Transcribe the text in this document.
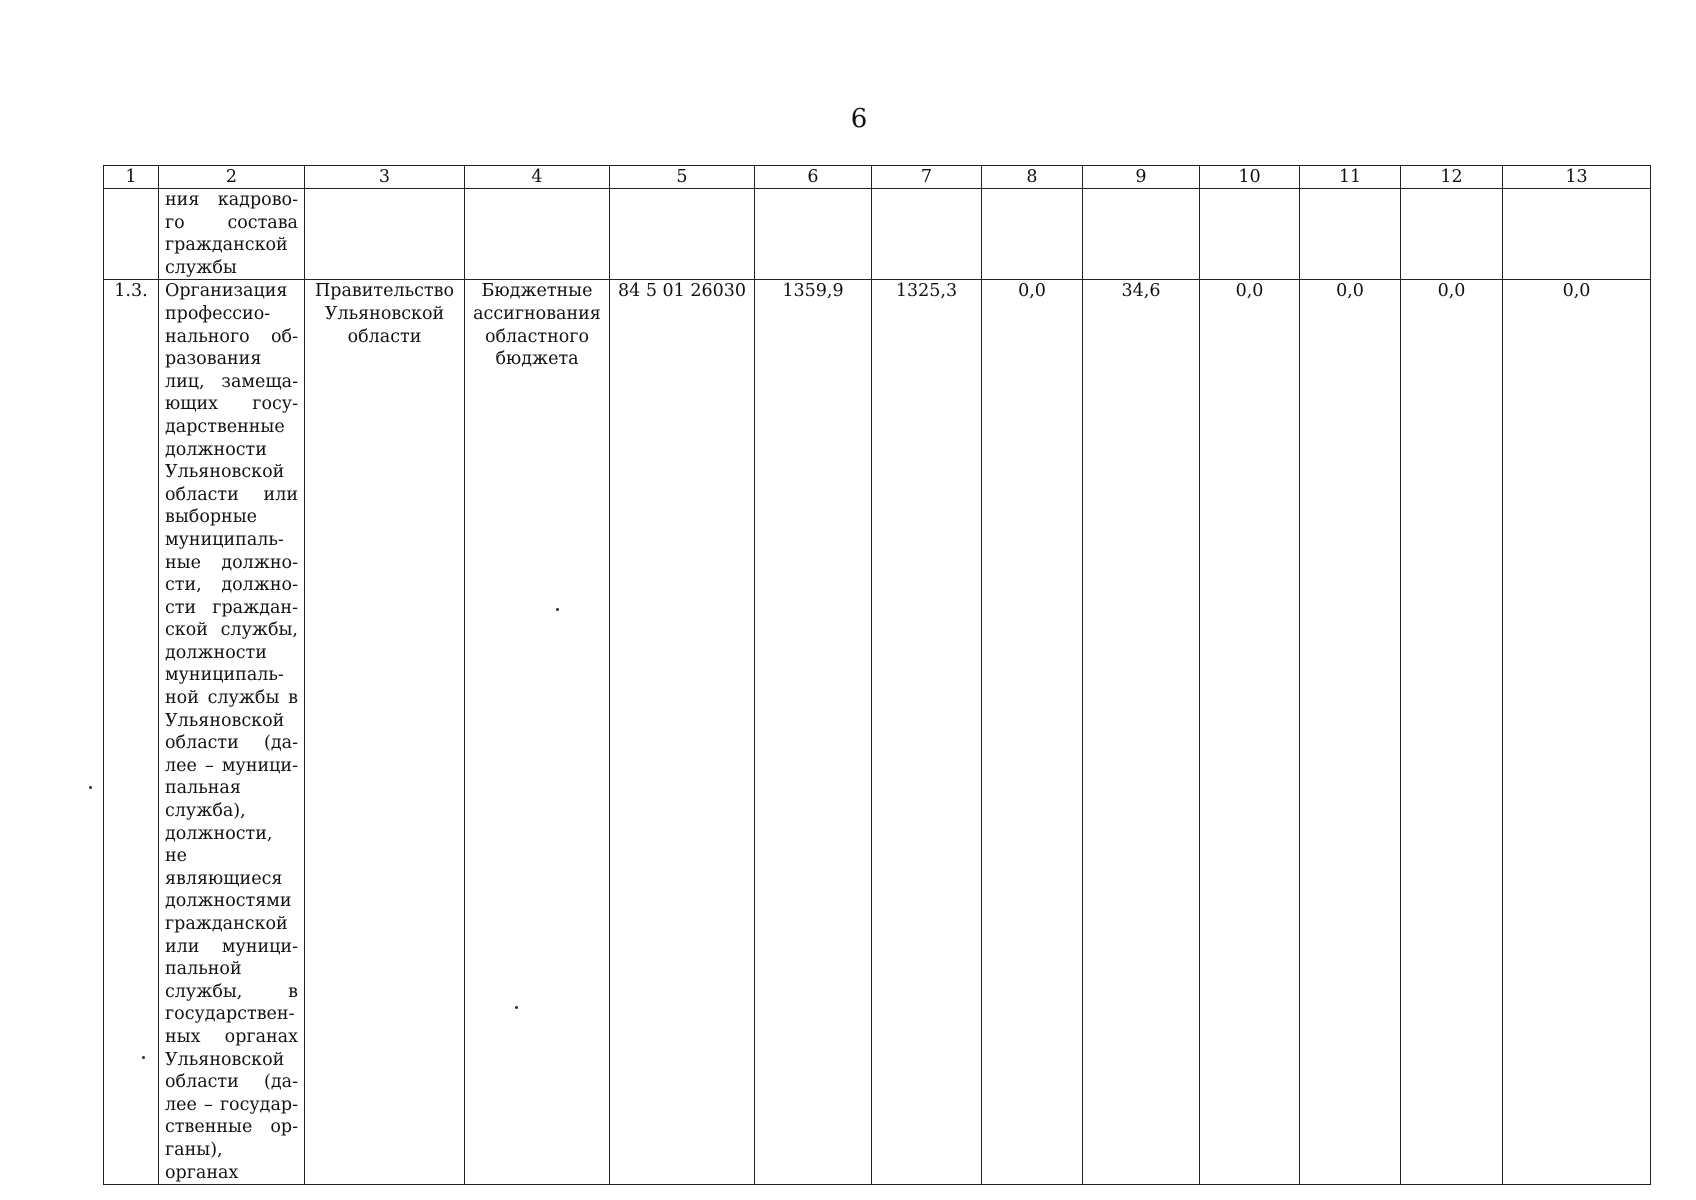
6
1	2	3	4	5	6	7	8	9	10	11	12	13
	ния кадрово-го состава гражданской службы											
1.3.	Организация профессио-нального об-разования лиц, замеща-ющих госу-дарственные должности Ульяновской области или выборные муниципаль-ные должно-сти, должно-сти граждан-ской службы, должности муниципаль-ной службы в Ульяновской области (да-лее – муници-пальная служба), должности, не являющиеся должностями гражданской или муници-пальной службы, в государствен-ных органах Ульяновской области (да-лее – государ-ственные ор-ганы), органах	Правительство Ульяновской области	Бюджетные ассигнования областного бюджета	84 5 01 26030	1359,9	1325,3	0,0	34,6	0,0	0,0	0,0	0,0
